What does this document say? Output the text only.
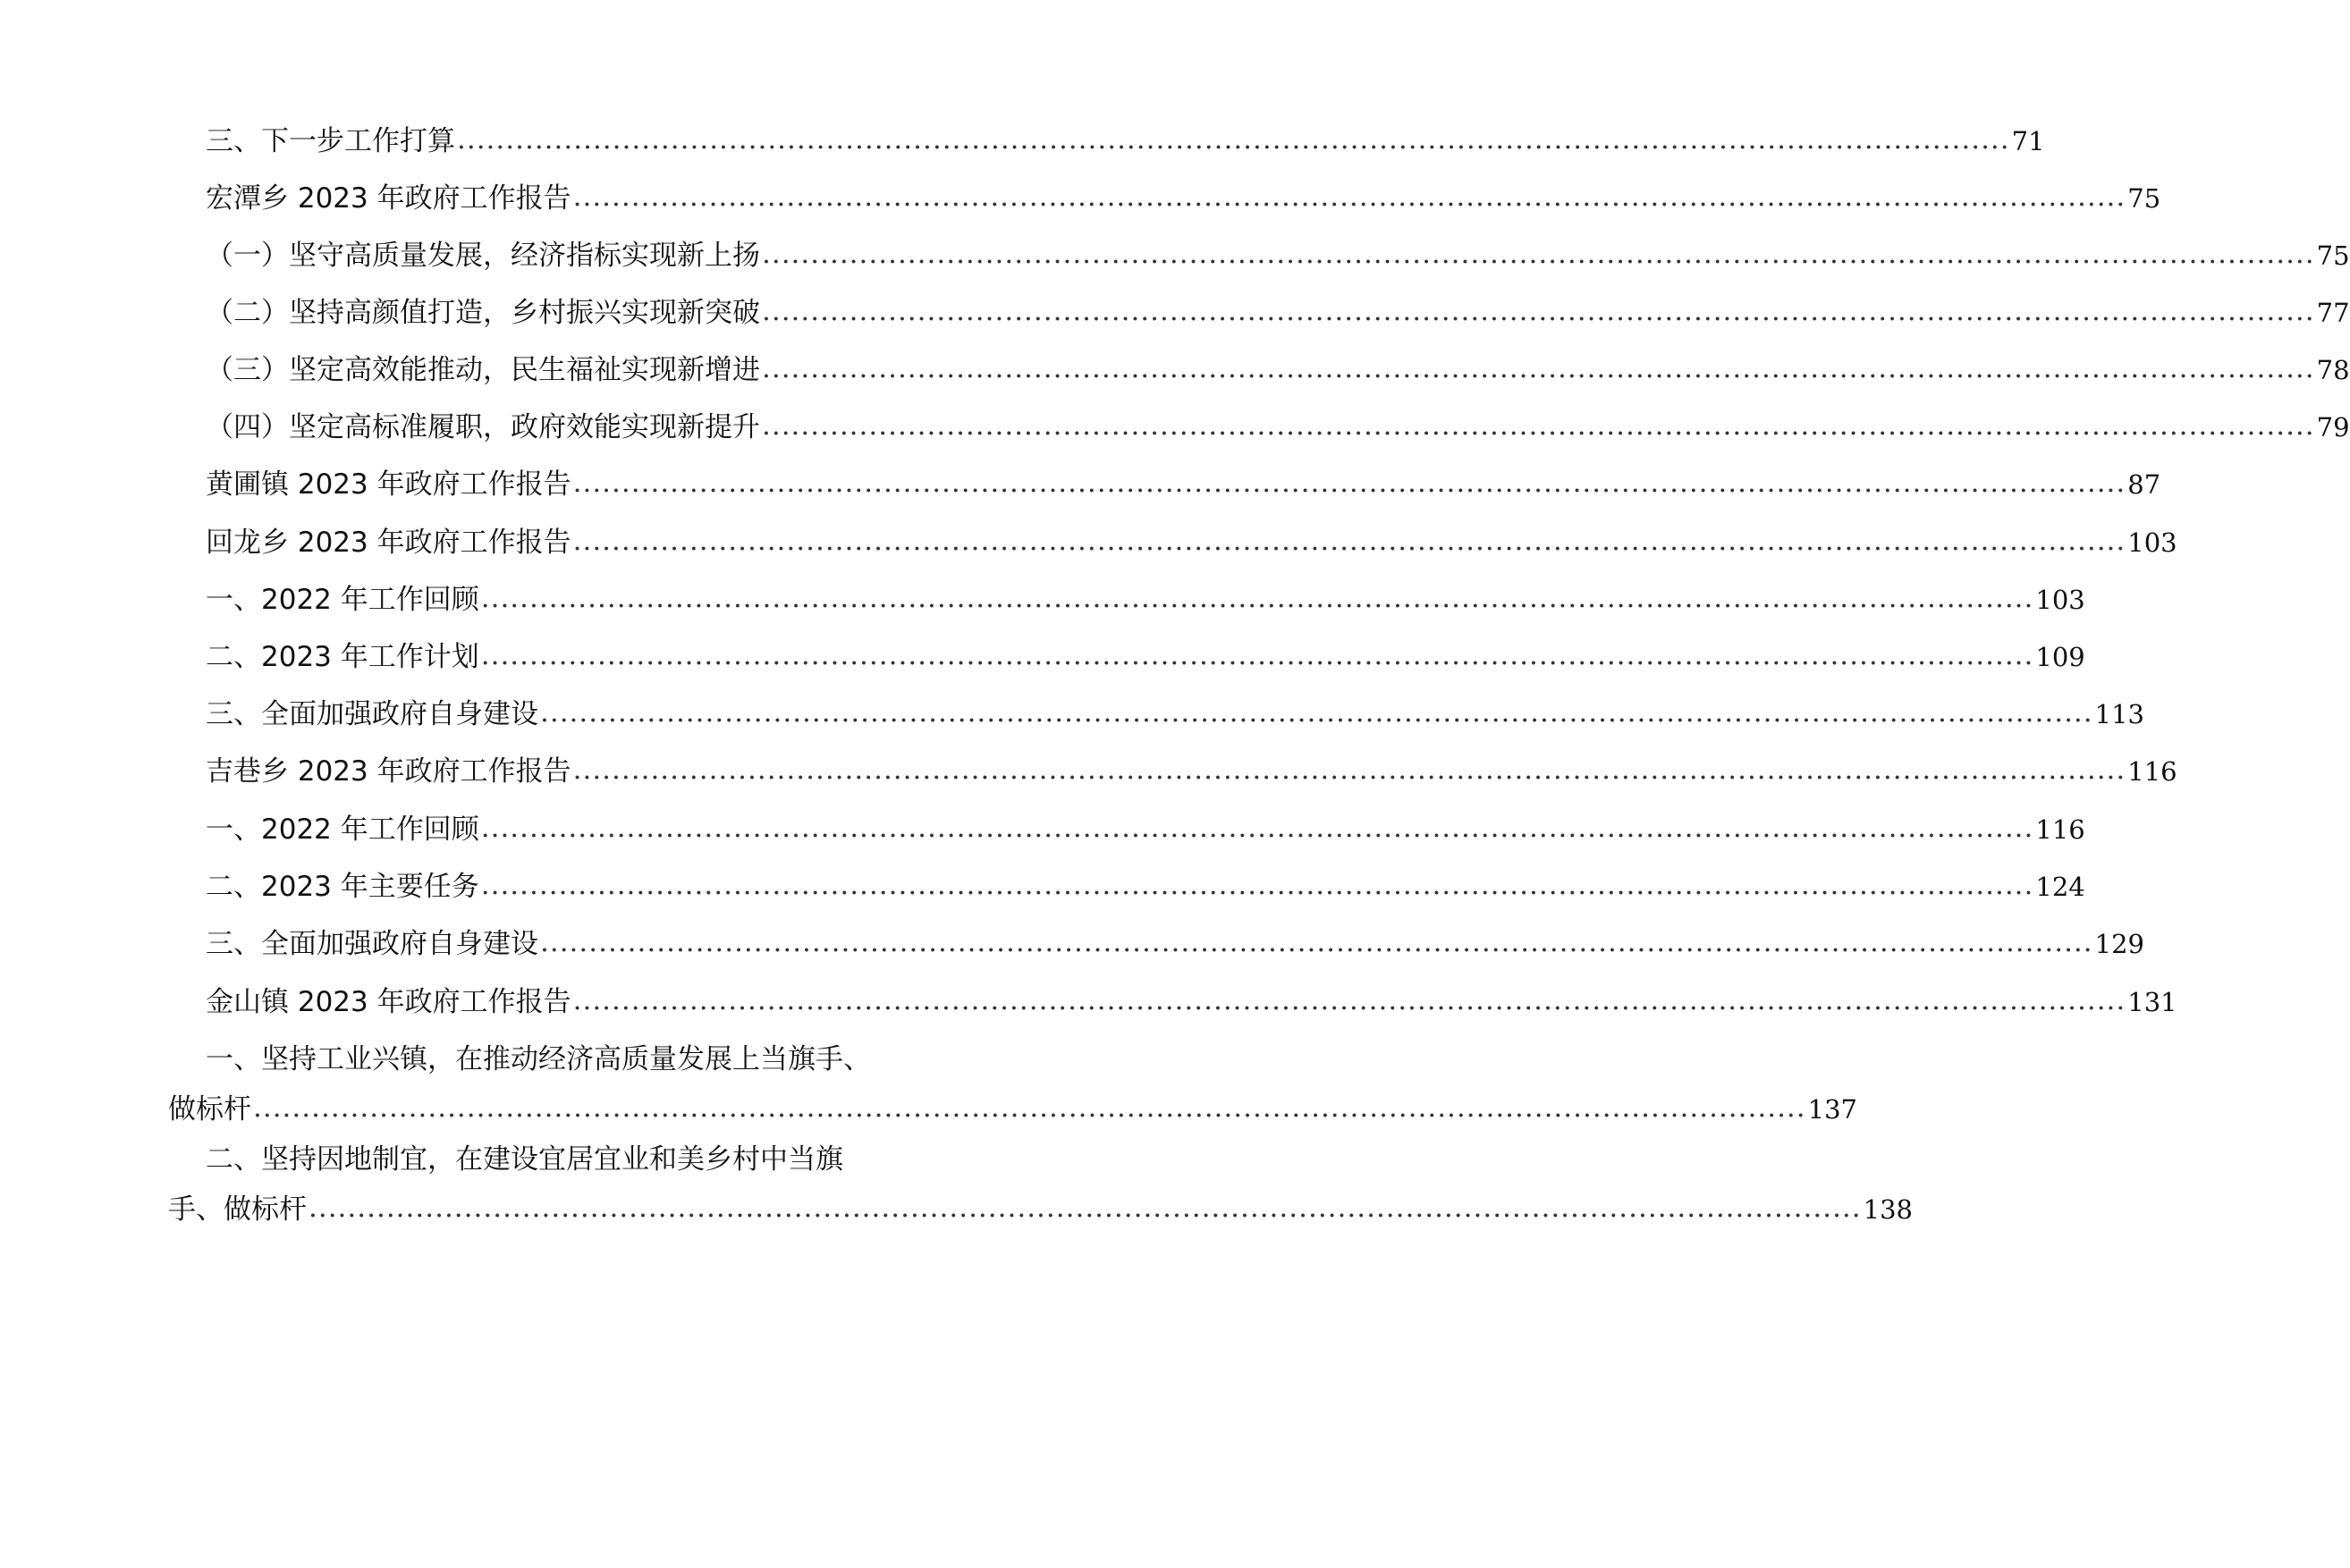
三、下一步工作打算 ................................................................................................................................................................ 71
宏潭乡 2023 年政府工作报告 ................................................................................................................................................................ 75
（一）坚守高质量发展，经济指标实现新上扬 ................................................................................................................................................................ 75
（二）坚持高颜值打造，乡村振兴实现新突破 ................................................................................................................................................................ 77
（三）坚定高效能推动，民生福祉实现新增进 ................................................................................................................................................................ 78
（四）坚定高标准履职，政府效能实现新提升 ................................................................................................................................................................ 79
黄圃镇 2023 年政府工作报告 ................................................................................................................................................................ 87
回龙乡 2023 年政府工作报告 ................................................................................................................................................................ 103
一、2022 年工作回顾 ................................................................................................................................................................ 103
二、2023 年工作计划 ................................................................................................................................................................ 109
三、全面加强政府自身建设 ................................................................................................................................................................ 113
吉巷乡 2023 年政府工作报告 ................................................................................................................................................................ 116
一、2022 年工作回顾 ................................................................................................................................................................ 116
二、2023 年主要任务 ................................................................................................................................................................ 124
三、全面加强政府自身建设 ................................................................................................................................................................ 129
金山镇 2023 年政府工作报告 ................................................................................................................................................................ 131
一、坚持工业兴镇，在推动经济高质量发展上当旗手、
做标杆 ................................................................................................................................................................ 137
二、坚持因地制宜，在建设宜居宜业和美乡村中当旗
手、做标杆 ................................................................................................................................................................ 138
